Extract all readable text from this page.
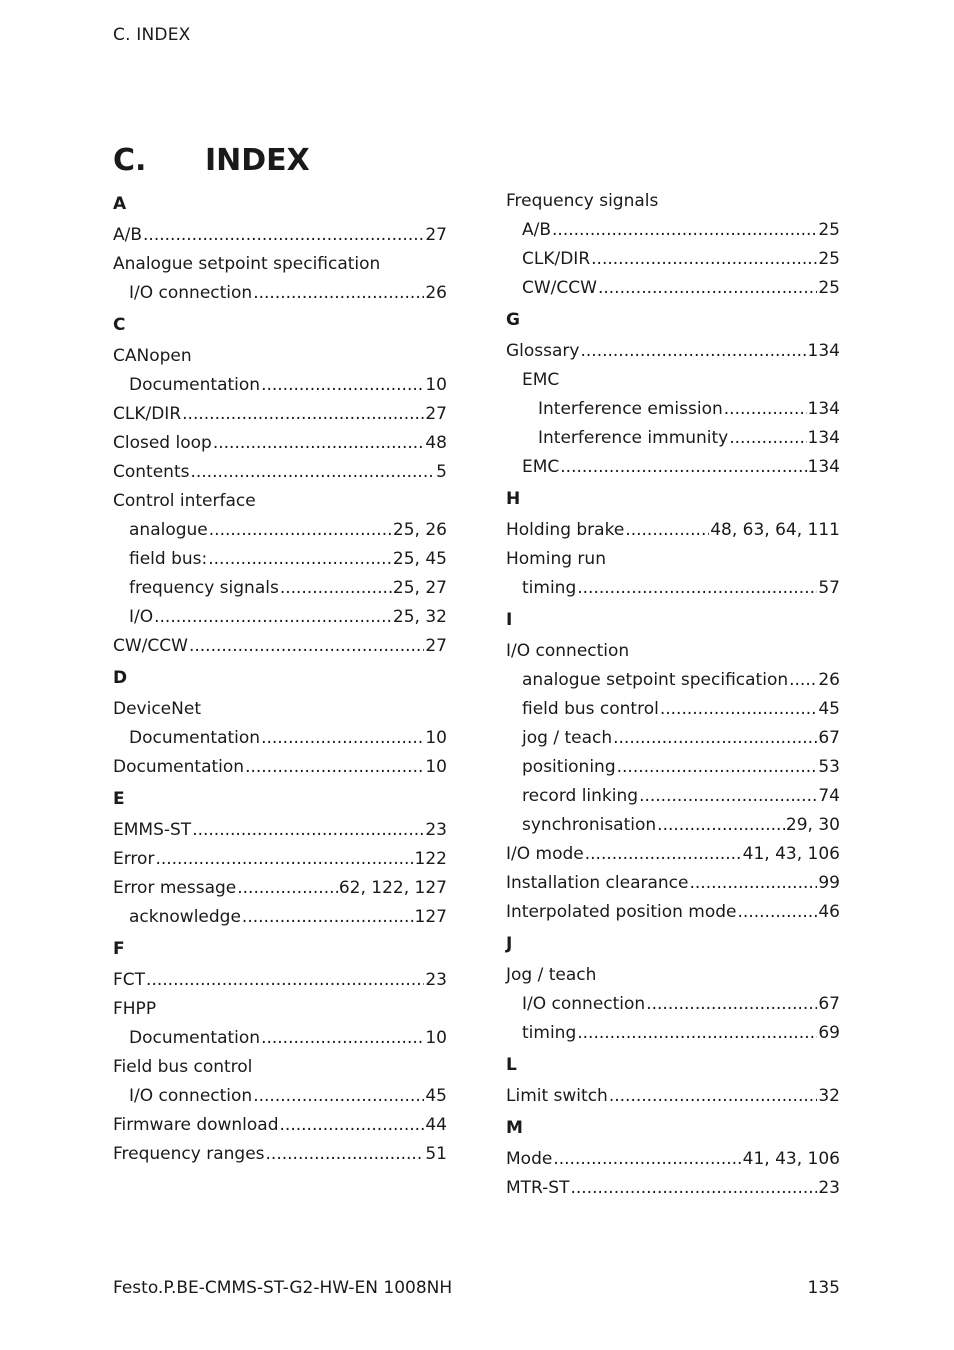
C. INDEX
C. INDEX
A
A/B .....	27
Analogue setpoint specification
I/O connection .....	26
C
CANopen
Documentation .....	10
CLK/DIR .....	27
Closed loop .....	48
Contents .....	5
Control interface
analogue .....	25, 26
field bus: .....	25, 45
frequency signals .....	25, 27
I/O .....	25, 32
CW/CCW .....	27
D
DeviceNet
Documentation .....	10
Documentation .....	10
E
EMMS-ST .....	23
Error .....	122
Error message .....	62, 122, 127
acknowledge .....	127
F
FCT .....	23
FHPP
Documentation .....	10
Field bus control
I/O connection .....	45
Firmware download .....	44
Frequency ranges .....	51
Frequency signals
A/B .....	25
CLK/DIR .....	25
CW/CCW .....	25
G
Glossary .....	134
EMC
Interference emission .....	134
Interference immunity .....	134
EMC .....	134
H
Holding brake .....	48, 63, 64, 111
Homing run
timing .....	57
I
I/O connection
analogue setpoint specification ..... 26
field bus control .....	45
jog / teach .....	67
positioning .....	53
record linking .....	74
synchronisation .....	29, 30
I/O mode .....	41, 43, 106
Installation clearance .....	99
Interpolated position mode .....	46
J
Jog / teach
I/O connection .....	67
timing .....	69
L
Limit switch .....	32
M
Mode .....	41, 43, 106
MTR-ST .....	23
Festo.P.BE-CMMS-ST-G2-HW-EN 1008NH	135
